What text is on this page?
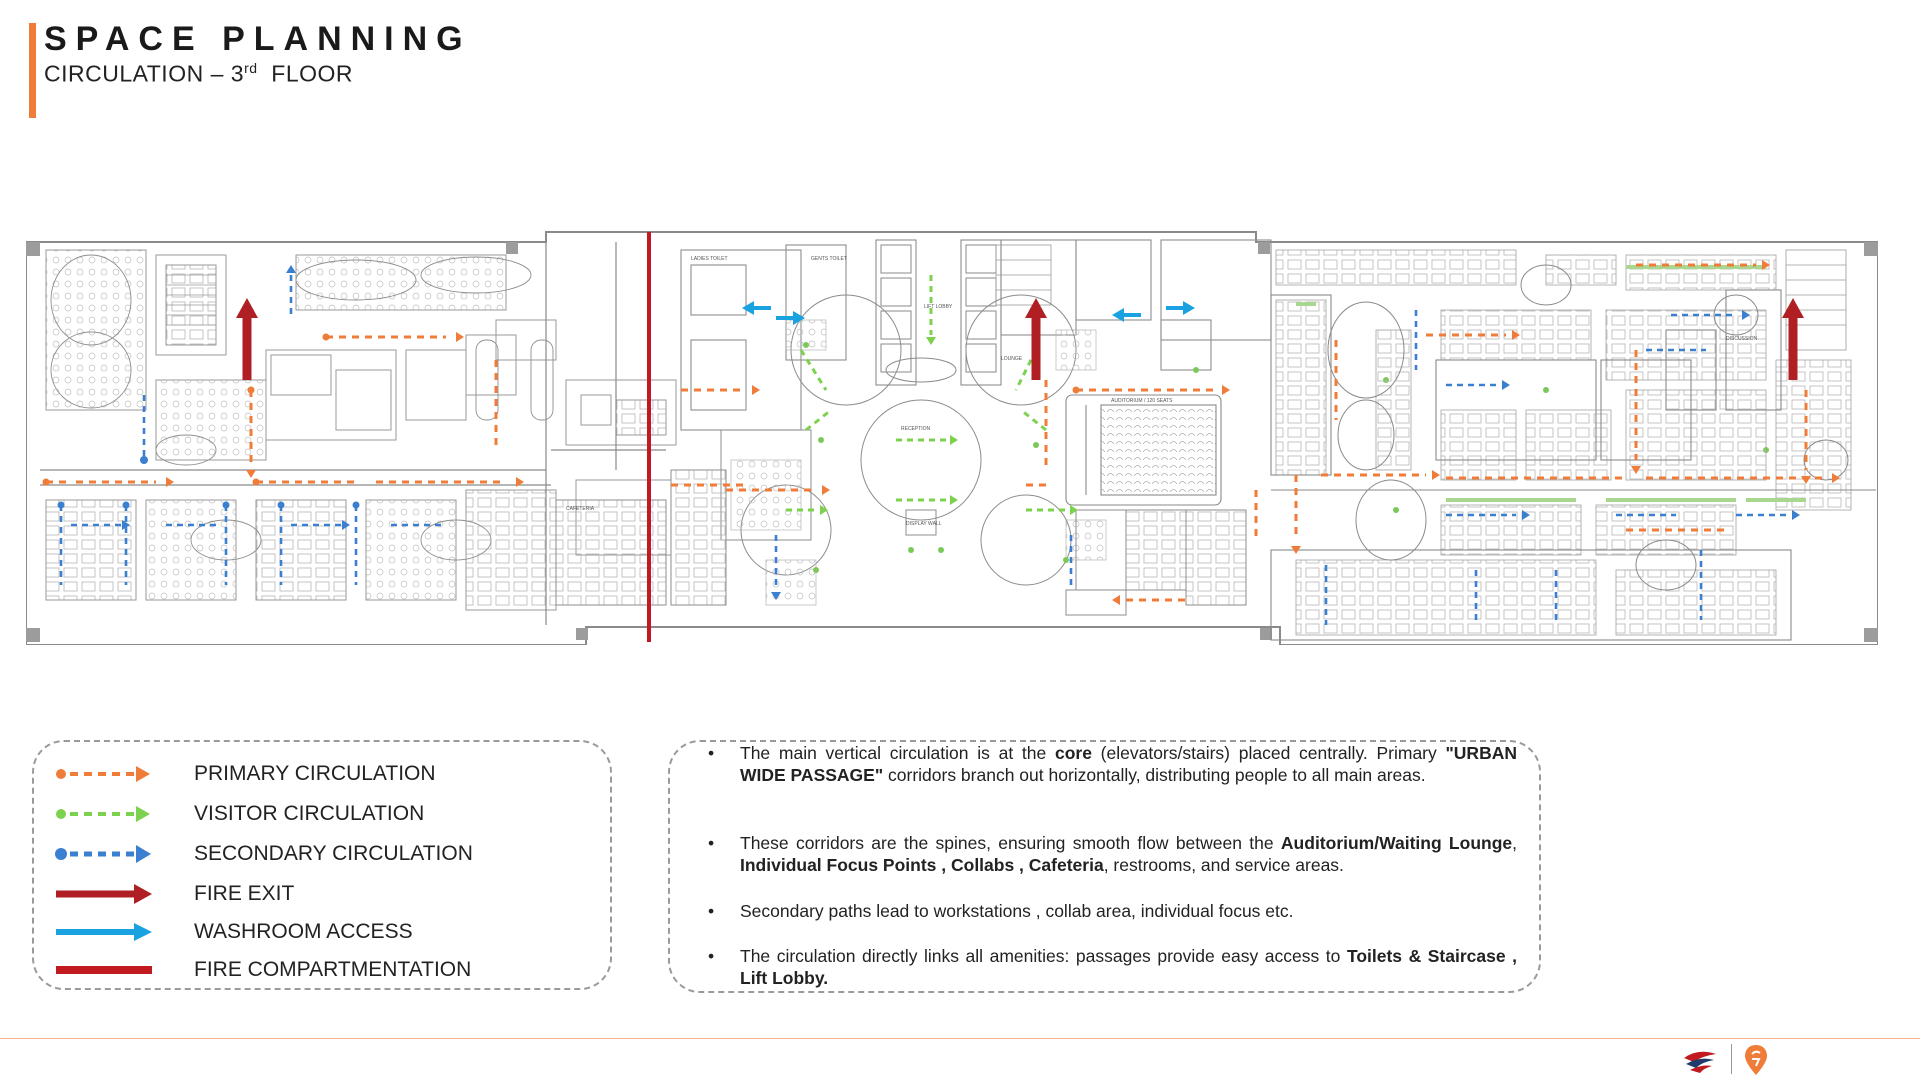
SPACE PLANNING
CIRCULATION – 3rd FLOOR
LADIES TOILET	GENTS TOILET
LIFT LOBBY
RECEPTION
LOUNGE
AUDITORIUM / 120 SEATS
DISPLAY WALL
CAFETERIA
DISCUSSION
PRIMARY CIRCULATION
VISITOR CIRCULATION
SECONDARY CIRCULATION
FIRE EXIT
WASHROOM ACCESS
FIRE COMPARTMENTATION
• The main vertical circulation is at the core (elevators/stairs) placed centrally. Primary "URBAN WIDE PASSAGE" corridors branch out horizontally, distributing people to all main areas.
• These corridors are the spines, ensuring smooth flow between the Auditorium/Waiting Lounge, Individual Focus Points , Collabs , Cafeteria, restrooms, and service areas.
• Secondary paths lead to workstations , collab area, individual focus etc.
• The circulation directly links all amenities: passages provide easy access to Toilets & Staircase , Lift Lobby.
